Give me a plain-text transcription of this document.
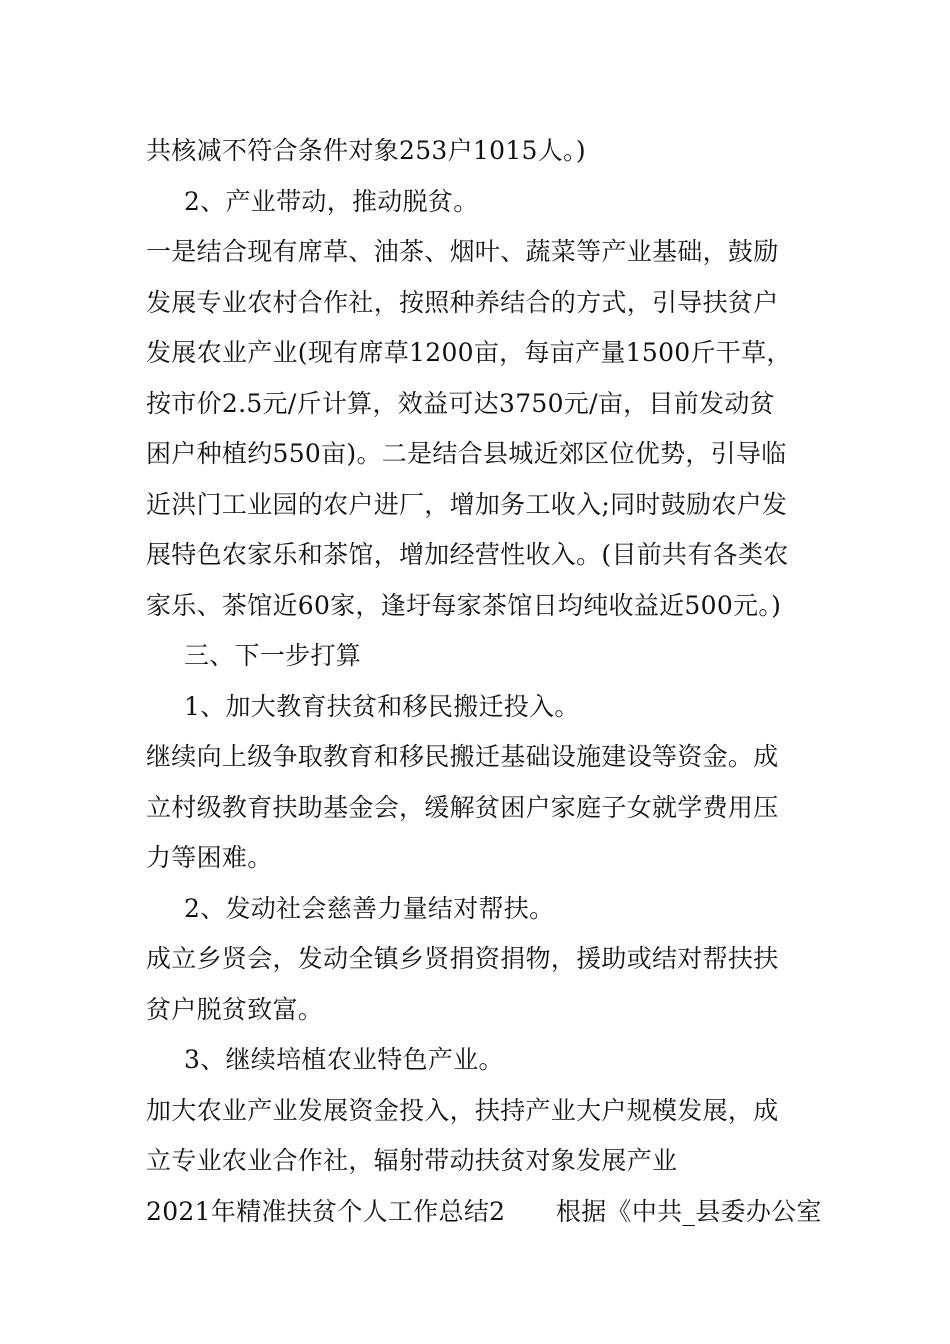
共核减不符合条件对象253户1015人。)
2、产业带动，推动脱贫。
一是结合现有席草、油茶、烟叶、蔬菜等产业基础，鼓励
发展专业农村合作社，按照种养结合的方式，引导扶贫户
发展农业产业(现有席草1200亩，每亩产量1500斤干草，
按市价2.5元/斤计算，效益可达3750元/亩，目前发动贫
困户种植约550亩)。二是结合县城近郊区位优势，引导临
近洪门工业园的农户进厂，增加务工收入;同时鼓励农户发
展特色农家乐和茶馆，增加经营性收入。(目前共有各类农
家乐、茶馆近60家，逢圩每家茶馆日均纯收益近500元。)
三、下一步打算
1、加大教育扶贫和移民搬迁投入。
继续向上级争取教育和移民搬迁基础设施建设等资金。成
立村级教育扶助基金会，缓解贫困户家庭子女就学费用压
力等困难。
2、发动社会慈善力量结对帮扶。
成立乡贤会，发动全镇乡贤捐资捐物，援助或结对帮扶扶
贫户脱贫致富。
3、继续培植农业特色产业。
加大农业产业发展资金投入，扶持产业大户规模发展，成
立专业农业合作社，辐射带动扶贫对象发展产业
2021年精准扶贫个人工作总结2　　根据《中共_县委办公室
